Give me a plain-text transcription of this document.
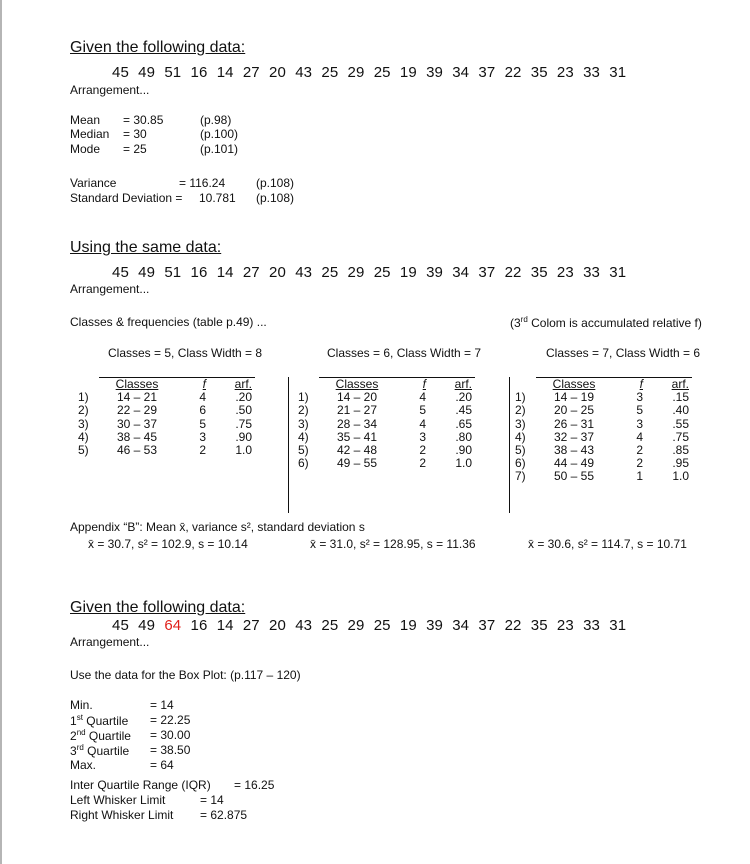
Given the following data:
45 49 51 16 14 27 20 43 25 29 25 19 39 34 37 22 35 23 33 31
Arrangement...
Mean = 30.85	(p.98)
Median = 30	(p.100)
Mode = 25	(p.101)
Variance	= 116.24	(p.108)
Standard Deviation = 10.781 (p.108)
Using the same data:
45 49 51 16 14 27 20 43 25 29 25 19 39 34 37 22 35 23 33 31
Arrangement...
Classes & frequencies (table p.49) ...	(3rd Colom is accumulated relative f)
Classes = 5, Class Width = 8	Classes = 6, Class Width = 7	Classes = 7, Class Width = 6
	Classes	f	arf.
1)	14 – 21	4	.20
2)	22 – 29	6	.50
3)	30 – 37	5	.75
4)	38 – 45	3	.90
5)	46 – 53	2	1.0
	Classes	f	arf.
1)	14 – 20	4	.20
2)	21 – 27	5	.45
3)	28 – 34	4	.65
4)	35 – 41	3	.80
5)	42 – 48	2	.90
6)	49 – 55	2	1.0
	Classes	f	arf.
1)	14 – 19	3	.15
2)	20 – 25	5	.40
3)	26 – 31	3	.55
4)	32 – 37	4	.75
5)	38 – 43	2	.85
6)	44 – 49	2	.95
7)	50 – 55	1	1.0
Appendix “B”: Mean x̄, variance s², standard deviation s
x̄ = 30.7, s² = 102.9, s = 10.14	x̄ = 31.0, s² = 128.95, s = 11.36	x̄ = 30.6, s² = 114.7, s = 10.71
Given the following data:
45 49 64 16 14 27 20 43 25 29 25 19 39 34 37 22 35 23 33 31
Arrangement...
Use the data for the Box Plot: (p.117 – 120)
Min.	= 14
1st Quartile = 22.25
2nd Quartile = 30.00
3rd Quartile = 38.50
Max.	= 64
Inter Quartile Range (IQR) = 16.25
Left Whisker Limit	= 14
Right Whisker Limit = 62.875
